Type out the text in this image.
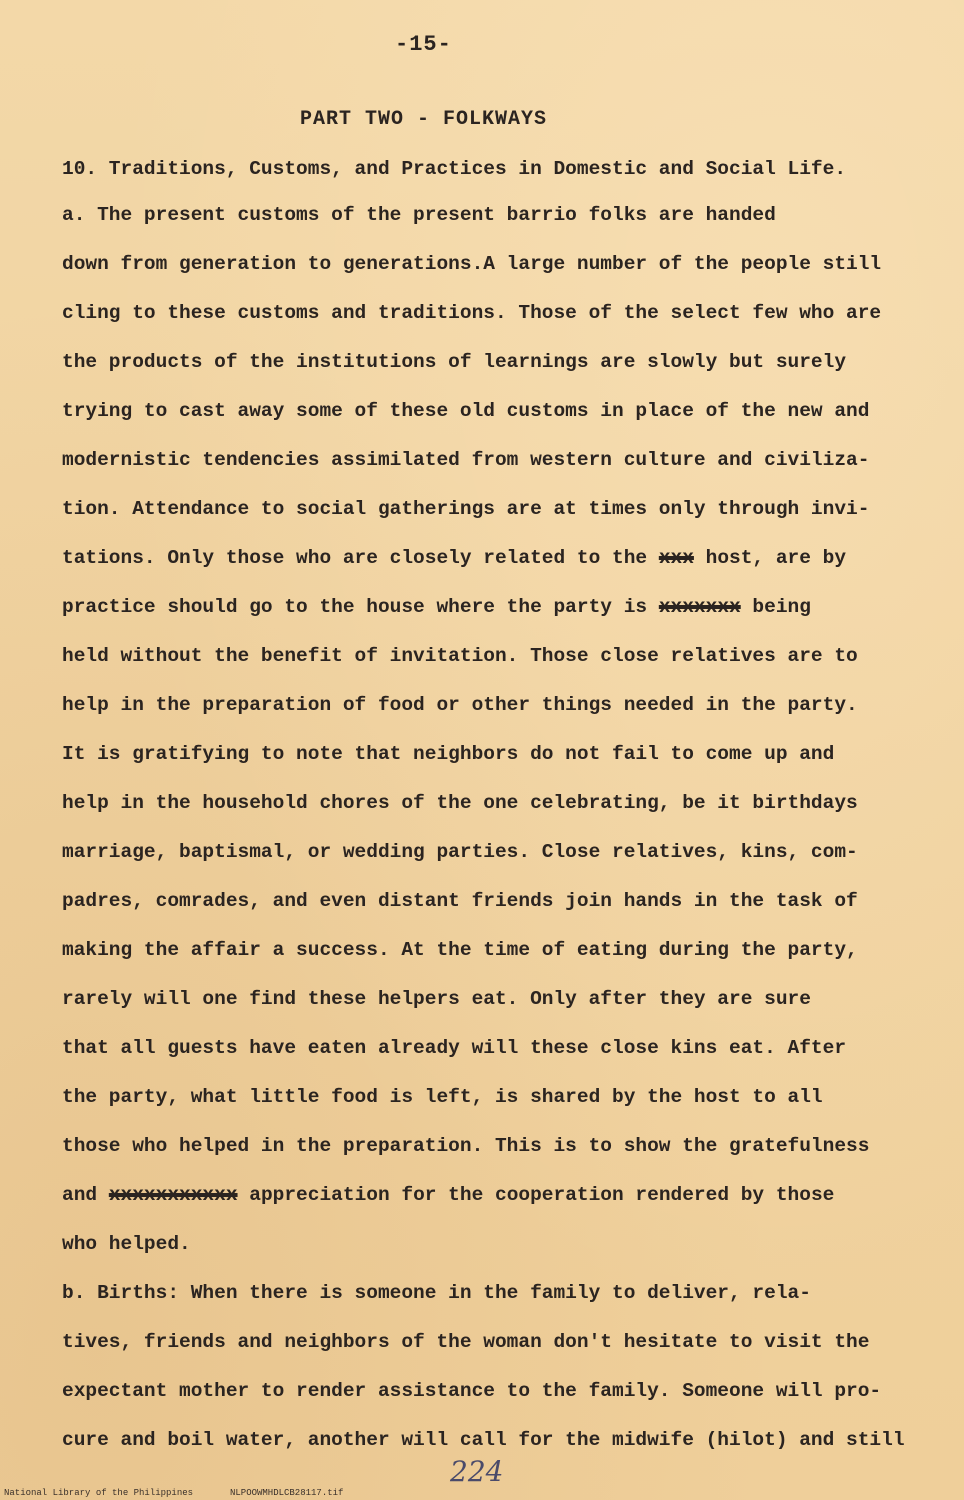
-15-
PART TWO - FOLKWAYS
10. Traditions, Customs, and Practices in Domestic and Social Life.
a. The present customs of the present barrio folks are handed
down from generation to generations.A large number of the people still
cling to these customs and traditions. Those of the select few who are
the products of the institutions of learnings are slowly but surely
trying to cast away some of these old customs in place of the new and
modernistic tendencies assimilated from western culture and civiliza-
tion. Attendance to social gatherings are at times only through invi-
tations. Only those who are closely related to the xxx host, are by
practice should go to the house where the party is xxxxxxx being
held without the benefit of invitation. Those close relatives are to
help in the preparation of food or other things needed in the party.
It is gratifying to note that neighbors do not fail to come up and
help in the household chores of the one celebrating, be it birthdays
marriage, baptismal, or wedding parties. Close relatives, kins, com-
padres, comrades, and even distant friends join hands in the task of
making the affair a success. At the time of eating during the party,
rarely will one find these helpers eat. Only after they are sure
that all guests have eaten already will these close kins eat. After
the party, what little food is left, is shared by the host to all
those who helped in the preparation. This is to show the gratefulness
and xxxxxxxxxxx appreciation for the cooperation rendered by those
who helped.
b. Births: When there is someone in the family to deliver, rela-
tives, friends and neighbors of the woman don't hesitate to visit the
expectant mother to render assistance to the family. Someone will pro-
cure and boil water, another will call for the midwife (hilot) and still
224
National Library of the Philippines	NLPOOWMHDLCB28117.tif
